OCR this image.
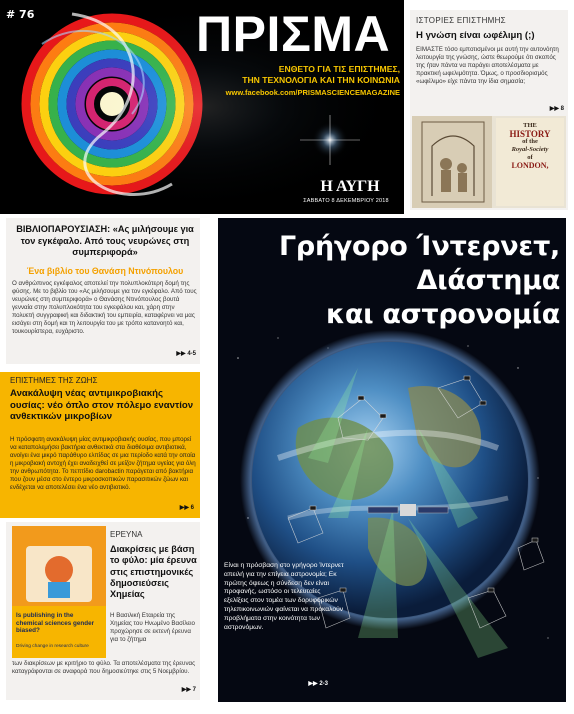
# 76	ΠΡΙΣΜΑ
ΕΝΘΕΤΟ ΓΙΑ ΤΙΣ ΕΠΙΣΤΗΜΕΣ,
ΤΗΝ ΤΕΧΝΟΛΟΓΙΑ ΚΑΙ ΤΗΝ ΚΟΙΝΩΝΙΑ
www.facebook.com/PRISMASCIENCEMAGAZINE
Η ΑΥΓΗ
ΣΑΒΒΑΤΟ 8 ΔΕΚΕΜΒΡΙΟΥ 2018
ΙΣΤΟΡΙΕΣ ΕΠΙΣΤΗΜΗΣ
Η γνώση είναι ωφέλιμη (;)
ΕΙΜΑΣΤΕ τόσο εμποτισμένοι με αυτή την αυτονόητη λειτουργία της γνώσης, ώστε θεωρούμε ότι σκοπός της ήταν πάντα να παράγει αποτελέσματα με πρακτική ωφελιμότητα. Όμως, ο προσδιορισμός «ωφέλιμο» είχε πάντα την ίδια σημασία;
▶▶ 8
THE
HISTORY
of the
Royal-Society
of
LONDON,
ΒΙΒΛΙΟΠΑΡΟΥΣΙΑΣΗ: «Ας μιλήσουμε για τον εγκέφαλο. Από τους νευρώνες στη συμπεριφορά»
Ένα βιβλίο του Θανάση Ντινόπουλου
Ο ανθρώπινος εγκέφαλος αποτελεί την πολυπλοκότερη δομή της φύσης. Με το βιβλίο του «Ας μιλήσουμε για τον εγκέφαλο. Από τους νευρώνες στη συμπεριφορά» ο Θανάσης Ντινόπουλος βουτά γενναία στην πολυπλοκότητα του εγκεφάλου και, χάρη στην πολυετή συγγραφική και διδακτική του εμπειρία, καταφέρνει να μας εισάγει στη δομή και τη λειτουργία του με τρόπο κατανοητό και, τουκουρίστερα, ευχάριστο.
▶▶ 4-5
ΕΠΙΣΤΗΜΕΣ ΤΗΣ ΖΩΗΣ
Ανακάλυψη νέας αντιμικροβιακής ουσίας: νέο όπλο στον πόλεμο εναντίον ανθεκτικών μικροβίων
Η πρόσφατη ανακάλυψη μίας αντιμικροβιακής ουσίας, που μπορεί να καταπολεμήσει βακτήρια ανθεκτικά στα διαθέσιμα αντιβιοτικά, ανοίγει ένα μικρό παράθυρο ελπίδας σε μια περίοδο κατά την οποία η μικροβιακή αντοχή έχει αναδειχθεί σε μείζον ζήτημα υγείας για όλη την ανθρωπότητα. Το πεπτίδιο darobactin παράγεται από βακτήρια που ζουν μέσα στο έντερο μικροσκοπικών παρασιτικών ζώων και ενδέχεται να αποτελέσει ένα νέο αντιβιοτικό.
▶▶ 6
Is publishing in the chemical sciences gender biased?
Driving change in research culture
ΕΡΕΥΝΑ
Διακρίσεις με βάση το φύλο: μία έρευνα στις επιστημονικές δημοσιεύσεις Χημείας
Η Βασιλική Εταιρεία της Χημείας του Ηνωμένο Βασίλειο προχώρησε σε εκτενή έρευνα για το ζήτημα
των διακρίσεων με κριτήριο το φύλο. Τα αποτελέσματα της έρευνας καταγράφονται σε αναφορά που δημοσιεύτηκε στις 5 Νοεμβρίου.
▶▶ 7
Γρήγορο Ίντερνετ,
Διάστημα
και αστρονομία
Είναι η πρόσβαση στο γρήγορο Ίντερνετ απειλή για την επίγεια αστρονομία; Εκ πρώτης όψεως η σύνδεση δεν είναι προφανής, ωστόσο οι τελευταίες εξελίξεις στον τομέα των δορυφορικών τηλεπικοινωνιών φαίνεται να προκαλούν προβλήματα στην κοινότητα των αστρονόμων.
▶▶ 2-3
